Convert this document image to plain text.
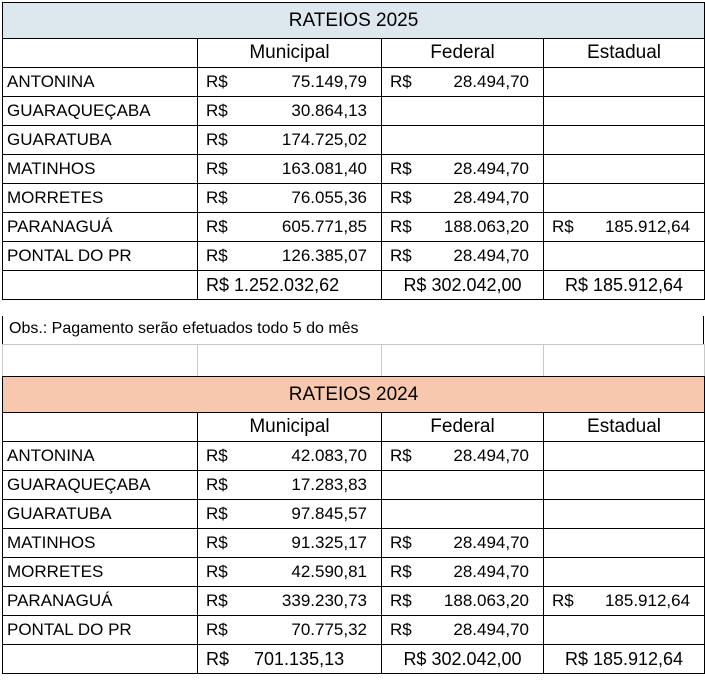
RATEIOS 2025			
	Municipal	Federal	Estadual
ANTONINA	R$ 75.149,79	R$ 28.494,70	

GUARAQUEÇABA	R$ 30.864,13		

GUARATUBA	R$ 174.725,02		

MATINHOS	R$ 163.081,40	R$ 28.494,70	

MORRETES	R$ 76.055,36	R$ 28.494,70	

PARANAGUÁ	R$ 605.771,85	R$ 188.063,20	R$ 185.912,64

PONTAL DO PR	R$ 126.385,07	R$ 28.494,70	

	R$ 1.252.032,62	R$ 302.042,00	R$ 185.912,64
Obs.: Pagamento serão efetuados todo 5 do mês

RATEIOS 2024			
	Municipal	Federal	Estadual
ANTONINA	R$ 42.083,70	R$ 28.494,70	

GUARAQUEÇABA	R$ 17.283,83		

GUARATUBA	R$ 97.845,57		

MATINHOS	R$ 91.325,17	R$ 28.494,70	

MORRETES	R$ 42.590,81	R$ 28.494,70	

PARANAGUÁ	R$ 339.230,73	R$ 188.063,20	R$ 185.912,64

PONTAL DO PR	R$ 70.775,32	R$ 28.494,70	

	R$     701.135,13	R$ 302.042,00	R$ 185.912,64
